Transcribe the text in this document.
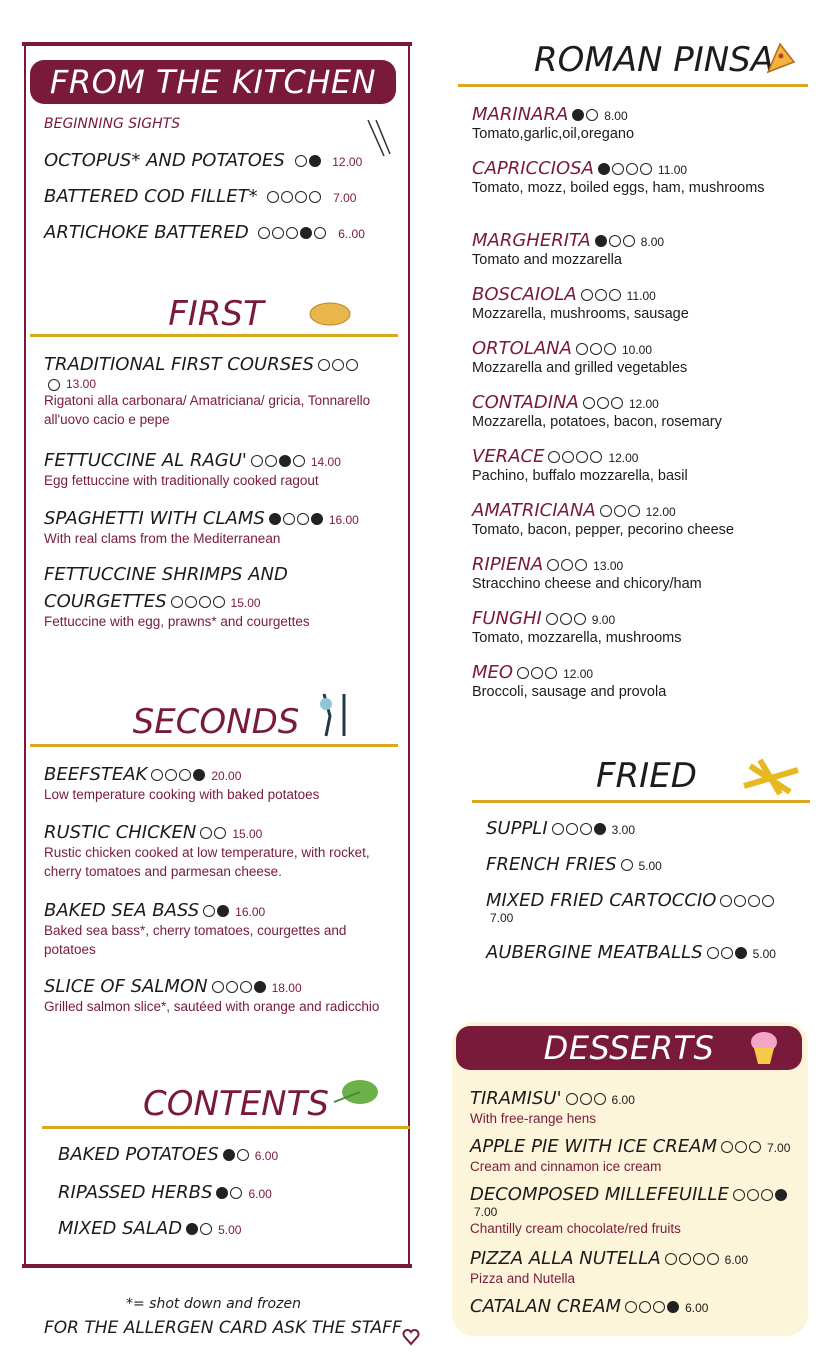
FROM THE KITCHEN
BEGINNING SIGHTS
OCTOPUS* AND POTATOES	12.00
BATTERED COD FILLET*	7.00
ARTICHOKE BATTERED	6..00
FIRST
TRADITIONAL FIRST COURSES
13.00
Rigatoni alla carbonara/ Amatriciana/ gricia, Tonnarello all'uovo cacio e pepe
FETTUCCINE AL RAGU'	14.00
Egg fettuccine with traditionally cooked ragout
SPAGHETTI WITH CLAMS	16.00
With real clams from the Mediterranean
FETTUCCINE SHRIMPS AND
COURGETTES	15.00
Fettuccine with egg, prawns* and courgettes
SECONDS
BEEFSTEAK	20.00
Low temperature cooking with baked potatoes
RUSTIC CHICKEN	15.00
Rustic chicken cooked at low temperature, with rocket, cherry tomatoes and parmesan cheese.
BAKED SEA BASS	16.00
Baked sea bass*, cherry tomatoes, courgettes and potatoes
SLICE OF SALMON	18.00
Grilled salmon slice*, sautéed with orange and radicchio
CONTENTS
BAKED POTATOES	6.00
RIPASSED HERBS	6.00
MIXED SALAD	5.00
*= shot down and frozen
FOR THE ALLERGEN CARD ASK THE STAFF
ROMAN PINSA
MARINARA	8.00
Tomato,garlic,oil,oregano
CAPRICCIOSA	11.00
Tomato, mozz, boiled eggs, ham, mushrooms
MARGHERITA	8.00
Tomato and mozzarella
BOSCAIOLA	11.00
Mozzarella, mushrooms, sausage
ORTOLANA	10.00
Mozzarella and grilled vegetables
CONTADINA	12.00
Mozzarella, potatoes, bacon, rosemary
VERACE	12.00
Pachino, buffalo mozzarella, basil
AMATRICIANA	12.00
Tomato, bacon, pepper, pecorino cheese
RIPIENA	13.00
Stracchino cheese and chicory/ham
FUNGHI	9.00
Tomato, mozzarella, mushrooms
MEO	12.00
Broccoli, sausage and provola
FRIED
SUPPLI	3.00
FRENCH FRIES 5.00
MIXED FRIED CARTOCCIO
7.00
AUBERGINE MEATBALLS	5.00
DESSERTS
TIRAMISU'	6.00
With free-range hens
APPLE PIE WITH ICE CREAM	7.00
Cream and cinnamon ice cream
DECOMPOSED MILLEFEUILLE
7.00
Chantilly cream chocolate/red fruits
PIZZA ALLA NUTELLA	6.00
Pizza and Nutella
CATALAN CREAM	6.00
